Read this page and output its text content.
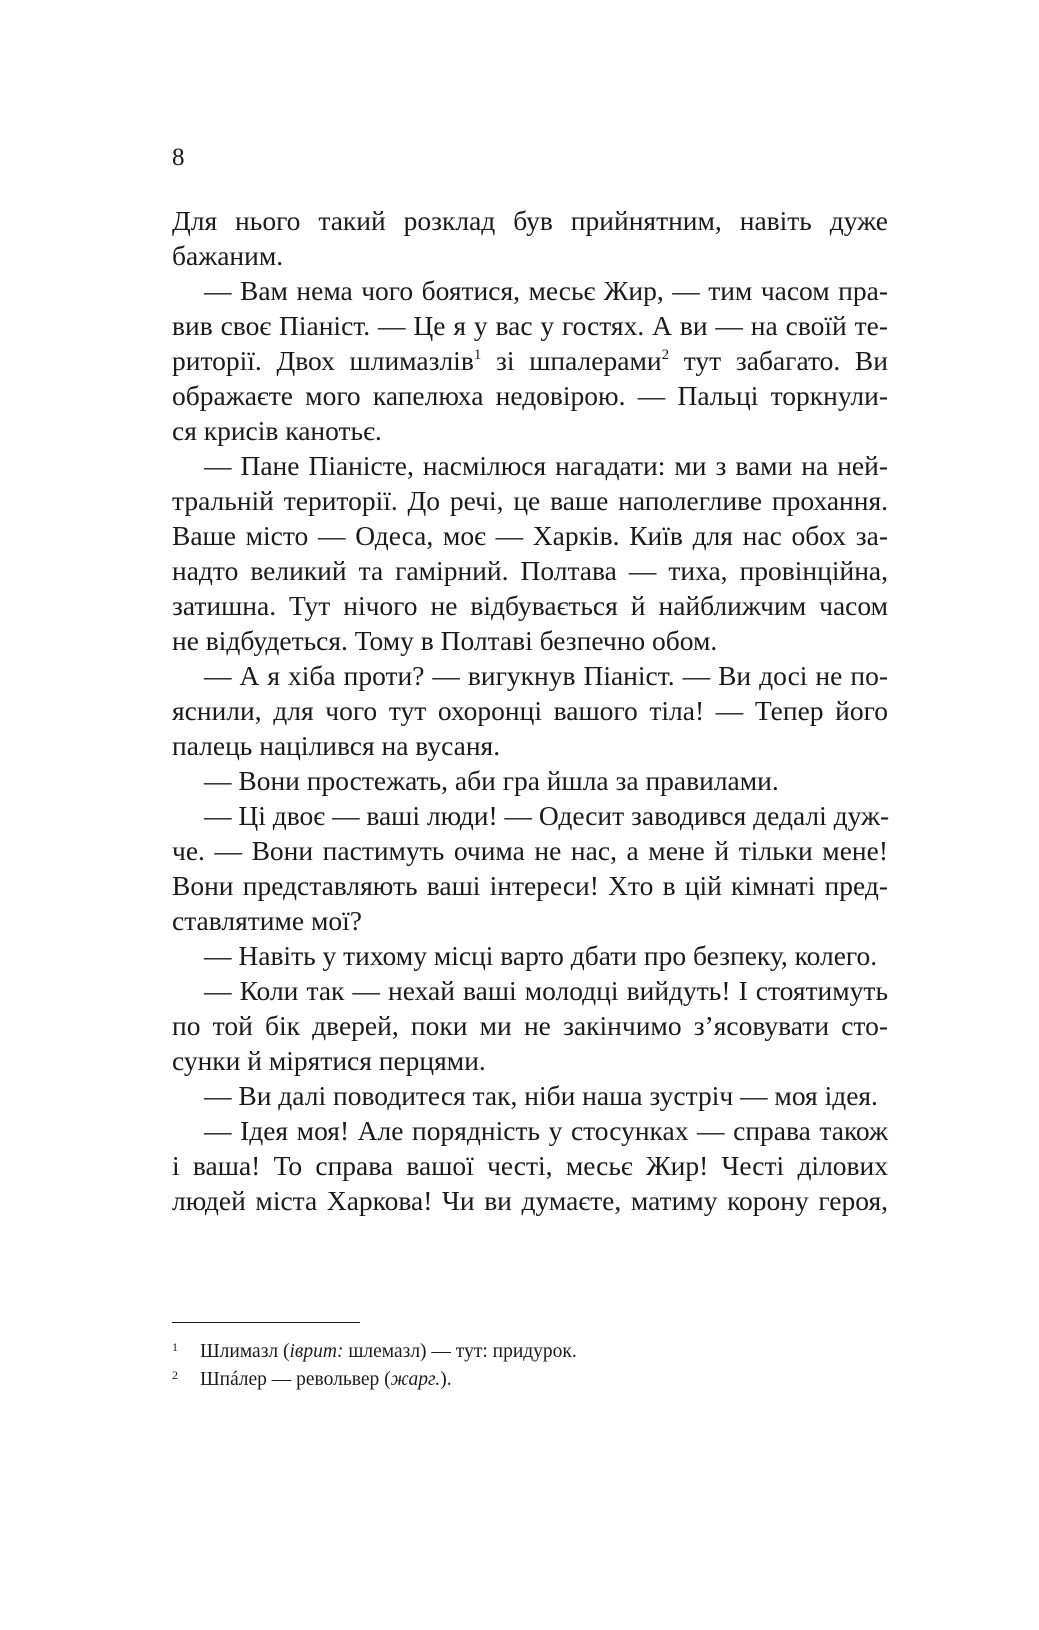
8
Для нього такий розклад був прийнятним, навіть дуже
бажаним.
— Вам нема чого боятися, месьє Жир, — тим часом пра-
вив своє Піаніст. — Це я у вас у гостях. А ви — на своїй те-
риторії. Двох шлимазлів$^1$ зі шпалерами$^2$ тут забагато. Ви
ображаєте мого капелюха недовірою. — Пальці торкнули-
ся крисів канотьє.
— Пане Піаністе, насмілюся нагадати: ми з вами на ней-
тральній території. До речі, це ваше наполегливе прохання.
Ваше місто — Одеса, моє — Харків. Київ для нас обох за-
надто великий та гамірний. Полтава — тиха, провінційна,
затишна. Тут нічого не відбувається й найближчим часом
не відбудеться. Тому в Полтаві безпечно обом.
— А я хіба проти? — вигукнув Піаніст. — Ви досі не по-
яснили, для чого тут охоронці вашого тіла! — Тепер його
палець націлився на вусаня.
— Вони простежать, аби гра йшла за правилами.
— Ці двоє — ваші люди! — Одесит заводився дедалі дуж-
че. — Вони пастимуть очима не нас, а мене й тільки мене!
Вони представляють ваші інтереси! Хто в цій кімнаті пред-
ставлятиме мої?
— Навіть у тихому місці варто дбати про безпеку, колего.
— Коли так — нехай ваші молодці вийдуть! І стоятимуть
по той бік дверей, поки ми не закінчимо з’ясовувати сто-
сунки й мірятися перцями.
— Ви далі поводитеся так, ніби наша зустріч — моя ідея.
— Ідея моя! Але порядність у стосунках — справа також
і ваша! То справа вашої честі, месьє Жир! Честі ділових
людей міста Харкова! Чи ви думаєте, матиму корону героя,
1 Шлимазл (іврит: шлемазл) — тут: придурок.
2 Шпáлер — револьвер (жарг.).
